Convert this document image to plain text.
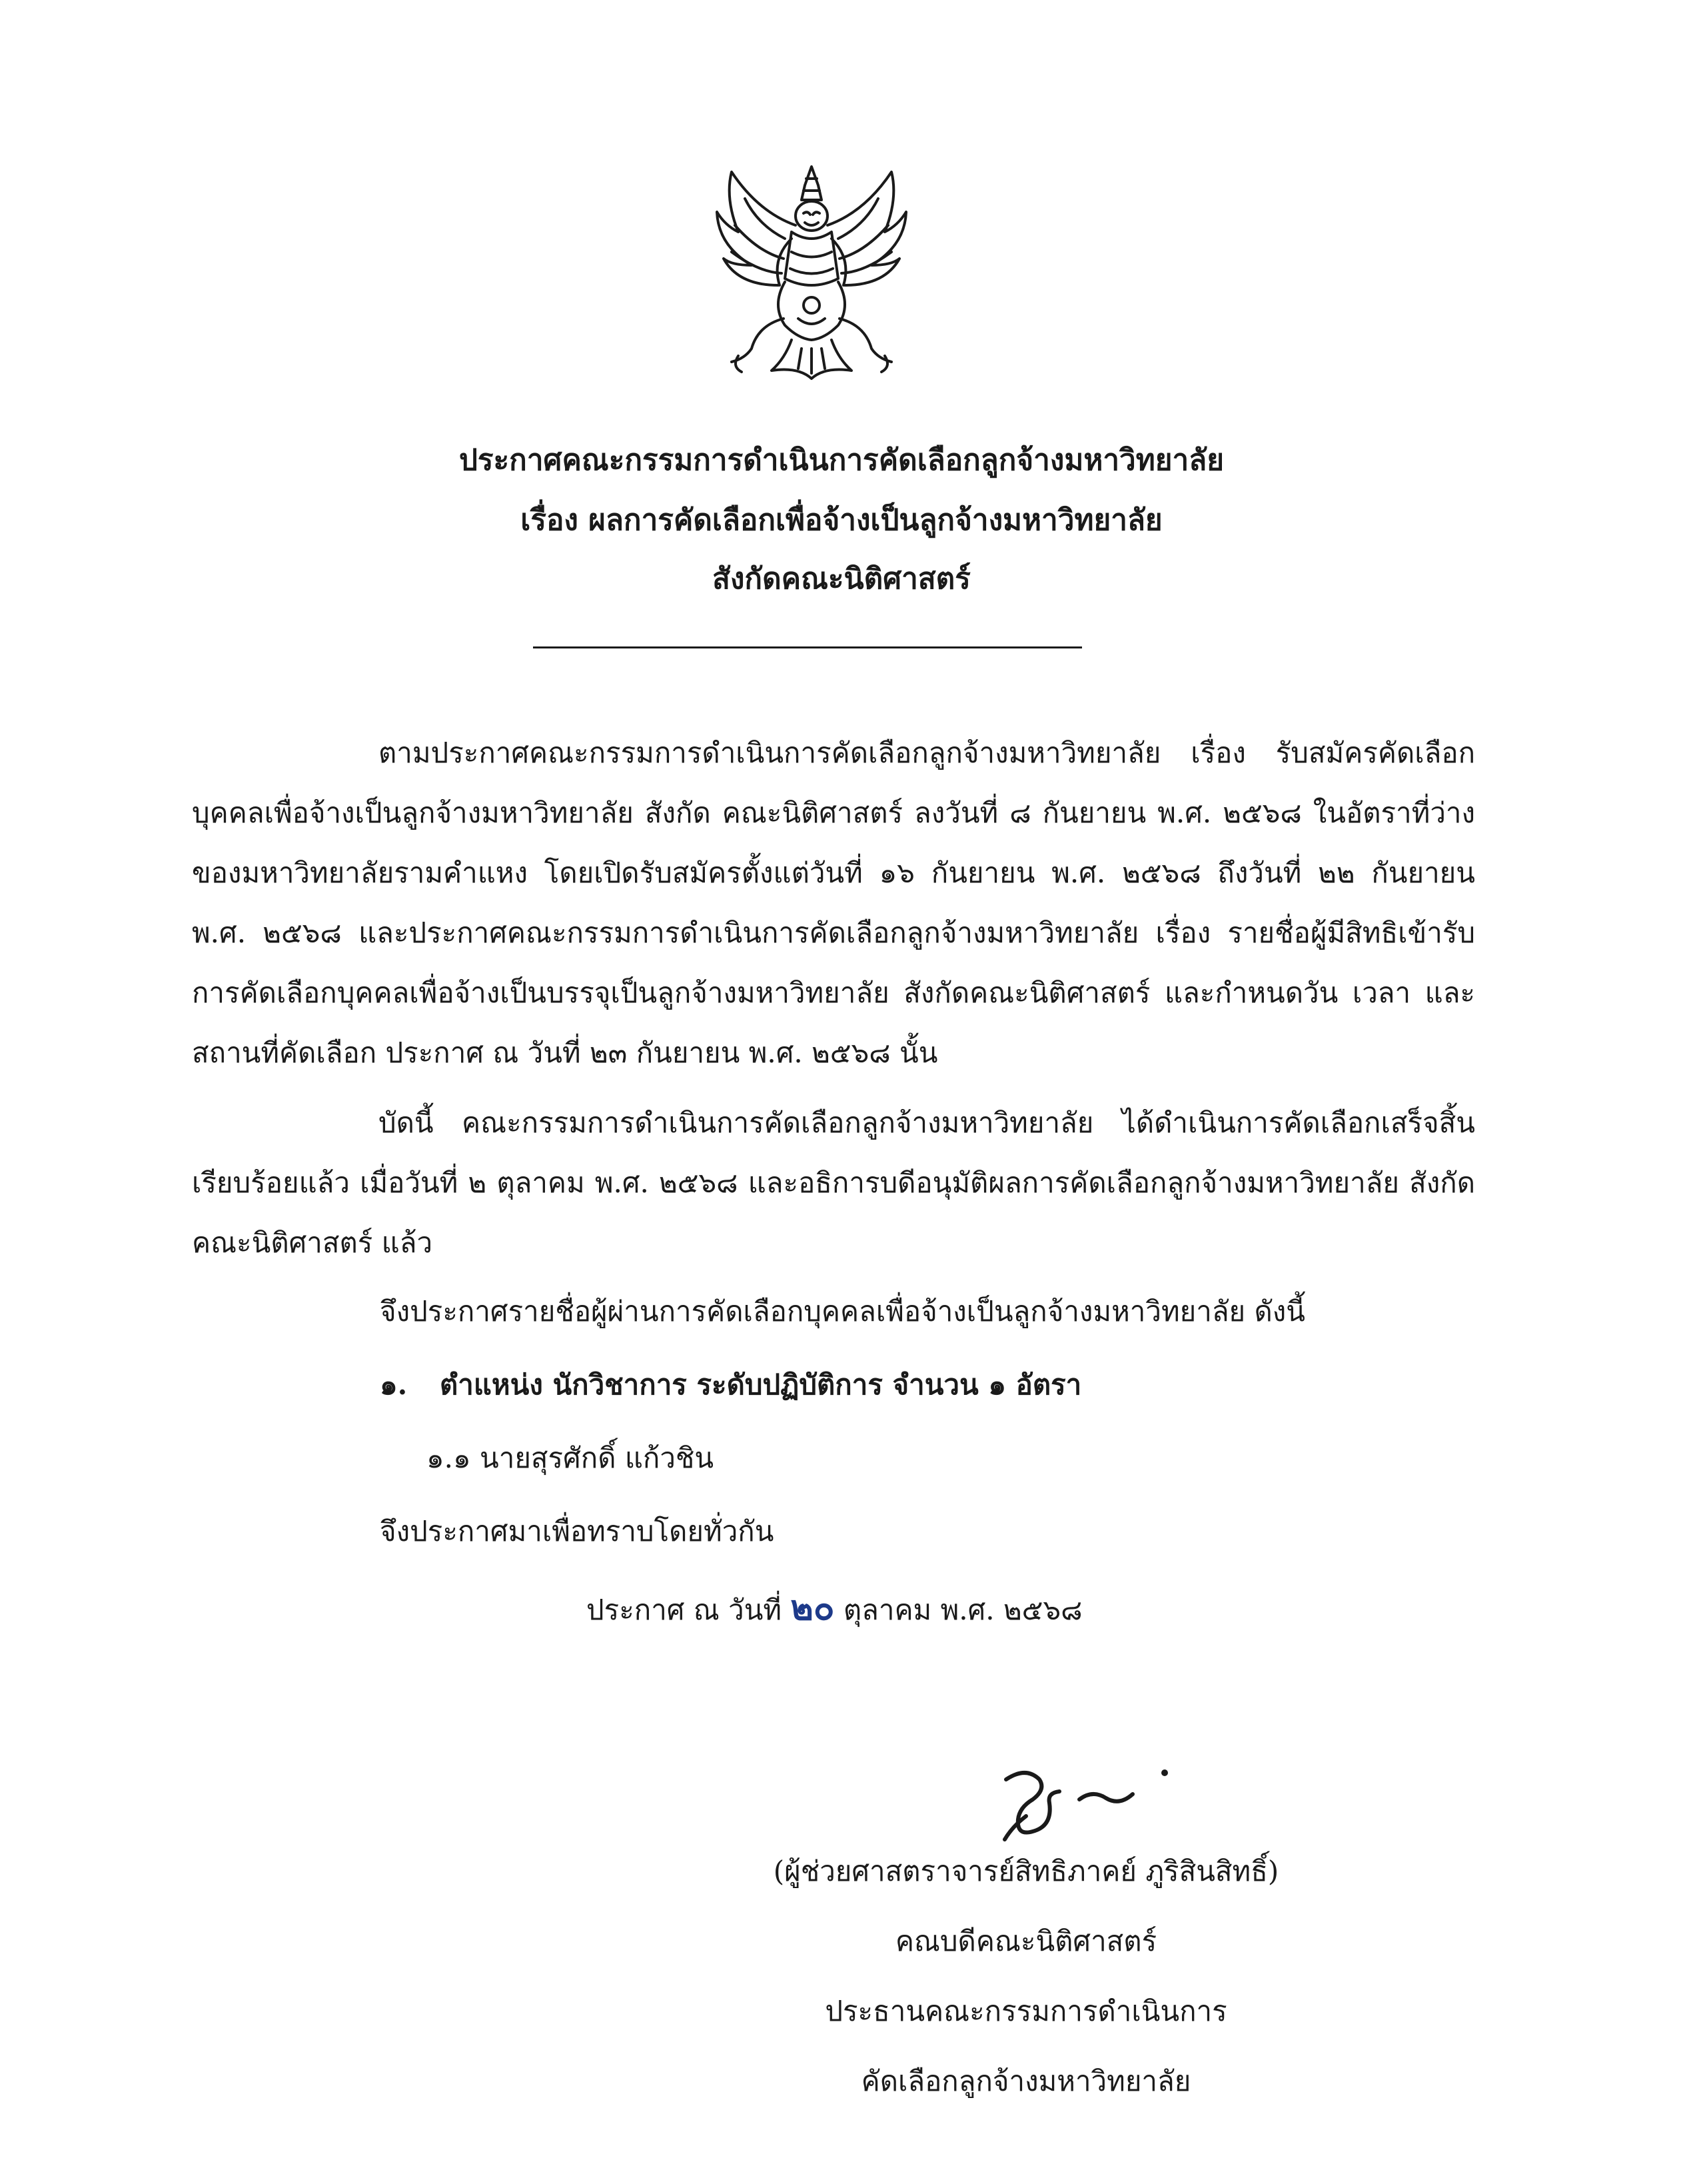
ประกาศคณะกรรมการดำเนินการคัดเลือกลูกจ้างมหาวิทยาลัย
เรื่อง ผลการคัดเลือกเพื่อจ้างเป็นลูกจ้างมหาวิทยาลัย
สังกัดคณะนิติศาสตร์
ตามประกาศคณะกรรมการดำเนินการคัดเลือกลูกจ้างมหาวิทยาลัย เรื่อง รับสมัครคัดเลือก
บุคคลเพื่อจ้างเป็นลูกจ้างมหาวิทยาลัย สังกัด คณะนิติศาสตร์ ลงวันที่ ๘ กันยายน พ.ศ. ๒๕๖๘ ในอัตราที่ว่าง
ของมหาวิทยาลัยรามคำแหง โดยเปิดรับสมัครตั้งแต่วันที่ ๑๖ กันยายน พ.ศ. ๒๕๖๘ ถึงวันที่ ๒๒ กันยายน
พ.ศ. ๒๕๖๘ และประกาศคณะกรรมการดำเนินการคัดเลือกลูกจ้างมหาวิทยาลัย เรื่อง รายชื่อผู้มีสิทธิเข้ารับ
การคัดเลือกบุคคลเพื่อจ้างเป็นบรรจุเป็นลูกจ้างมหาวิทยาลัย สังกัดคณะนิติศาสตร์ และกำหนดวัน เวลา และ
สถานที่คัดเลือก ประกาศ ณ วันที่ ๒๓ กันยายน พ.ศ. ๒๕๖๘ นั้น
บัดนี้ คณะกรรมการดำเนินการคัดเลือกลูกจ้างมหาวิทยาลัย ได้ดำเนินการคัดเลือกเสร็จสิ้น
เรียบร้อยแล้ว เมื่อวันที่ ๒ ตุลาคม พ.ศ. ๒๕๖๘ และอธิการบดีอนุมัติผลการคัดเลือกลูกจ้างมหาวิทยาลัย สังกัด
คณะนิติศาสตร์ แล้ว
จึงประกาศรายชื่อผู้ผ่านการคัดเลือกบุคคลเพื่อจ้างเป็นลูกจ้างมหาวิทยาลัย ดังนี้
๑. ตำแหน่ง นักวิชาการ ระดับปฏิบัติการ จำนวน ๑ อัตรา
๑.๑ นายสุรศักดิ์ แก้วชิน
จึงประกาศมาเพื่อทราบโดยทั่วกัน
ประกาศ ณ วันที่ ๒๐ ตุลาคม พ.ศ. ๒๕๖๘
(ผู้ช่วยศาสตราจารย์สิทธิภาคย์ ภูริสินสิทธิ์)
คณบดีคณะนิติศาสตร์
ประธานคณะกรรมการดำเนินการ
คัดเลือกลูกจ้างมหาวิทยาลัย
